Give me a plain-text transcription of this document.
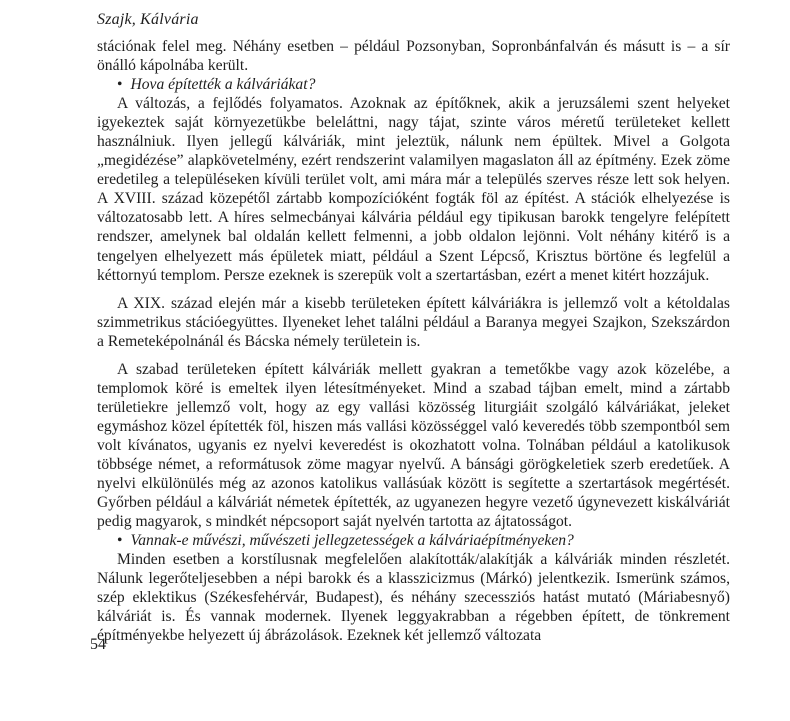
Szajk, Kálvária

stációnak felel meg. Néhány esetben – például Pozsonyban, Sopronbánfalván és másutt is – a sír önálló kápolnába került.

• Hova építették a kálváriákat?

A változás, a fejlődés folyamatos. Azoknak az építőknek, akik a jeruzsálemi szent helyeket igyekeztek saját környezetükbe beleláttni, nagy tájat, szinte város méretű területeket kellett használniuk. Ilyen jellegű kálváriák, mint jeleztük, nálunk nem épültek. Mivel a Golgota „megidézése” alapkövetelmény, ezért rendszerint valamilyen magaslaton áll az építmény. Ezek zöme eredetileg a településeken kívüli terület volt, ami mára már a település szerves része lett sok helyen. A XVIII. század közepétől zártabb kompozícióként fogták föl az építést. A stációk elhelyezése is változatosabb lett. A híres selmecbányai kálvária például egy tipikusan barokk tengelyre felépített rendszer, amelynek bal oldalán kellett felmenni, a jobb oldalon lejönni. Volt néhány kitérő is a tengelyen elhelyezett más épületek miatt, például a Szent Lépcső, Krisztus börtöne és legfelül a kéttornyú templom. Persze ezeknek is szerepük volt a szertartásban, ezért a menet kitért hozzájuk.

A XIX. század elején már a kisebb területeken épített kálváriákra is jellemző volt a kétoldalas szimmetrikus stációegyüttes. Ilyeneket lehet találni például a Baranya megyei Szajkon, Szekszárdon a Remeteképolnánál és Bácska némely területein is.

A szabad területeken épített kálváriák mellett gyakran a temetőkbe vagy azok közelébe, a templomok köré is emeltek ilyen létesítményeket. Mind a szabad tájban emelt, mind a zártabb területiekre jellemző volt, hogy az egy vallási közösség liturgiáit szolgáló kálváriákat, jeleket egymáshoz közel építették föl, hiszen más vallási közösséggel való keveredés több szempontból sem volt kívánatos, ugyanis ez nyelvi keveredést is okozhatott volna. Tolnában például a katolikusok többsége német, a reformátusok zöme magyar nyelvű. A bánsági görögkeletiek szerb eredetűek. A nyelvi elkülönülés még az azonos katolikus vallásúak között is segítette a szertartások megértését. Győrben például a kálváriát németek építették, az ugyanezen hegyre vezető úgynevezett kiskálváriát pedig magyarok, s mindkét népcsoport saját nyelvén tartotta az ájtatosságot.

• Vannak-e művészi, művészeti jellegzetességek a kálváriaépítményeken?

Minden esetben a korstílusnak megfelelően alakították/alakítják a kálváriák minden részletét. Nálunk legerőteljesebben a népi barokk és a klasszicizmus (Márkó) jelentkezik. Ismerünk számos, szép eklektikus (Székesfehérvár, Budapest), és néhány szecessziós hatást mutató (Máriabesnyő) kálváriát is. És vannak modernek. Ilyenek leggyakrabban a régebben épített, de tönkrement építményekbe helyezett új ábrázolások. Ezeknek két jellemző változata

54
